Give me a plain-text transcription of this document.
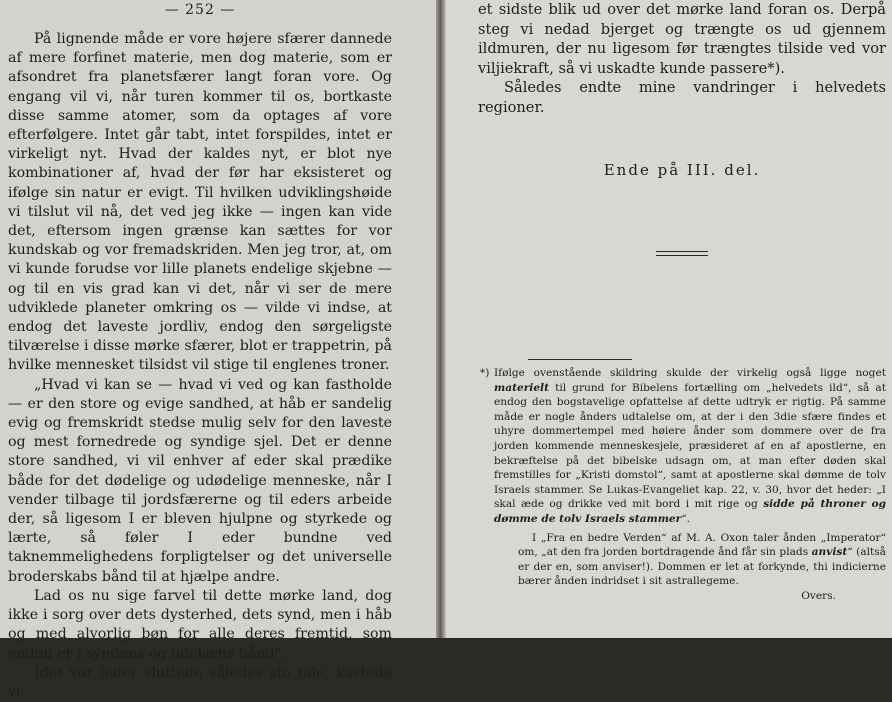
— 252 —

På lignende måde er vore højere sfærer dannede af mere forfinet materie, men dog materie, som er afsondret fra planetsfærer langt foran vore. Og engang vil vi, når turen kommer til os, bortkaste disse samme atomer, som da optages af vore efterfølgere. Intet går tabt, intet forspildes, intet er virkeligt nyt. Hvad der kaldes nyt, er blot nye kombinationer af, hvad der før har eksisteret og ifølge sin natur er evigt. Til hvilken udviklingshøide vi tilslut vil nå, det ved jeg ikke — ingen kan vide det, eftersom ingen grænse kan sættes for vor kundskab og vor fremadskriden. Men jeg tror, at, om vi kunde forudse vor lille planets endelige skjebne — og til en vis grad kan vi det, når vi ser de mere udviklede planeter omkring os — vilde vi indse, at endog det laveste jordliv, endog den sørgeligste tilværelse i disse mørke sfærer, blot er trappetrin, på hvilke mennesket tilsidst vil stige til englenes troner.

„Hvad vi kan se — hvad vi ved og kan fastholde — er den store og evige sandhed, at håb er sandelig evig og fremskridt stedse mulig selv for den laveste og mest fornedrede og syndige sjel. Det er denne store sandhed, vi vil enhver af eder skal prædike både for det dødelige og udødelige menneske, når I vender tilbage til jordsfærerne og til eders arbeide der, så ligesom I er bleven hjulpne og styrkede og lærte, så føler I eder bundne ved taknemmelighedens forpligtelser og det universelle broderskabs bånd til at hjælpe andre.

Lad os nu sige farvel til dette mørke land, dog ikke i sorg over dets dysterhed, dets synd, men i håb og med alvorlig bøn for alle deres fremtid, som endnu er i syndens og lidelsens bånd“.

Idet vor leder sluttede således sin tale, kastede vi

et sidste blik ud over det mørke land foran os. Derpå steg vi nedad bjerget og trængte os ud gjennem ildmuren, der nu ligesom før trængtes tilside ved vor viljiekraft, så vi uskadte kunde passere*).

Således endte mine vandringer i helvedets regioner.

Ende på III. del.

*) Ifølge ovenstående skildring skulde der virkelig også ligge noget materielt til grund for Bibelens fortælling om „helvedets ild“, så at endog den bogstavelige opfattelse af dette udtryk er rigtig. På samme måde er nogle ånders udtalelse om, at der i den 3die sfære findes et uhyre dommertempel med høiere ånder som dommere over de fra jorden kommende menneskesjele, præsideret af en af apostlerne, en bekræftelse på det bibelske udsagn om, at man efter døden skal fremstilles for „Kristi domstol“, samt at apostlerne skal dømme de tolv Israels stammer. Se Lukas-Evangeliet kap. 22, v. 30, hvor det heder: „I skal æde og drikke ved mit bord i mit rige og sidde på throner og dømme de tolv Israels stammer“.

I „Fra en bedre Verden“ af M. A. Oxon taler ånden „Imperator“ om, „at den fra jorden bortdragende ånd får sin plads anvist“ (altså er der en, som anviser!). Dommen er let at forkynde, thi indicierne bærer ånden indridset i sit astrallegeme.
Overs.
